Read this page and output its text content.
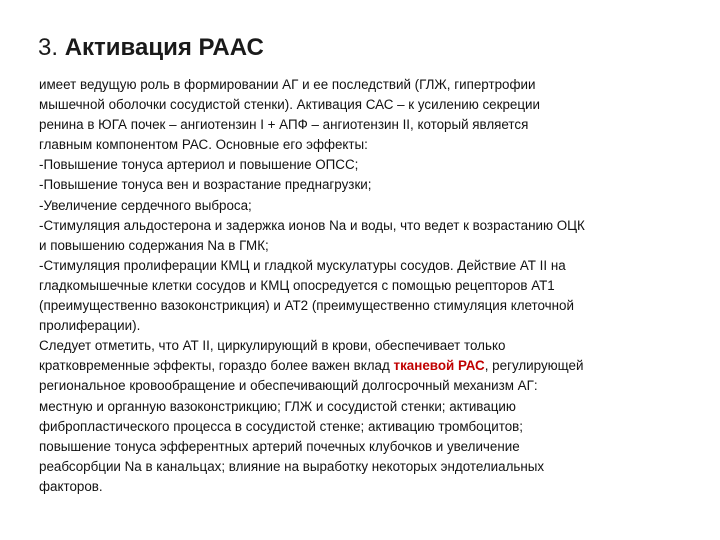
3. Активация РААС
имеет ведущую роль в формировании АГ и ее последствий (ГЛЖ, гипертрофии
мышечной оболочки сосудистой стенки). Активация САС – к усилению секреции
ренина в ЮГА почек – ангиотензин I + АПФ – ангиотензин II, который является
главным компонентом РАС. Основные его эффекты:
-Повышение тонуса артериол и повышение ОПСС;
-Повышение тонуса вен и возрастание преднагрузки;
-Увеличение сердечного выброса;
-Стимуляция альдостерона и задержка ионов Na и воды, что ведет к возрастанию ОЦК
и повышению содержания Na в ГМК;
-Стимуляция пролиферации КМЦ и гладкой мускулатуры сосудов. Действие АТ II на
гладкомышечные клетки сосудов и КМЦ опосредуется с помощью рецепторов АТ1
(преимущественно вазоконстрикция) и АТ2 (преимущественно стимуляция клеточной
пролиферации).
Следует отметить, что АТ II, циркулирующий в крови, обеспечивает только
кратковременные эффекты, гораздо более важен вклад тканевой РАС, регулирующей
региональное кровообращение и обеспечивающий долгосрочный механизм АГ:
местную и органную вазоконстрикцию; ГЛЖ и сосудистой стенки; активацию
фибропластического процесса в сосудистой стенке; активацию тромбоцитов;
повышение тонуса эфферентных артерий почечных клубочков и увеличение
реабсорбции Na в канальцах; влияние на выработку некоторых эндотелиальных
факторов.
